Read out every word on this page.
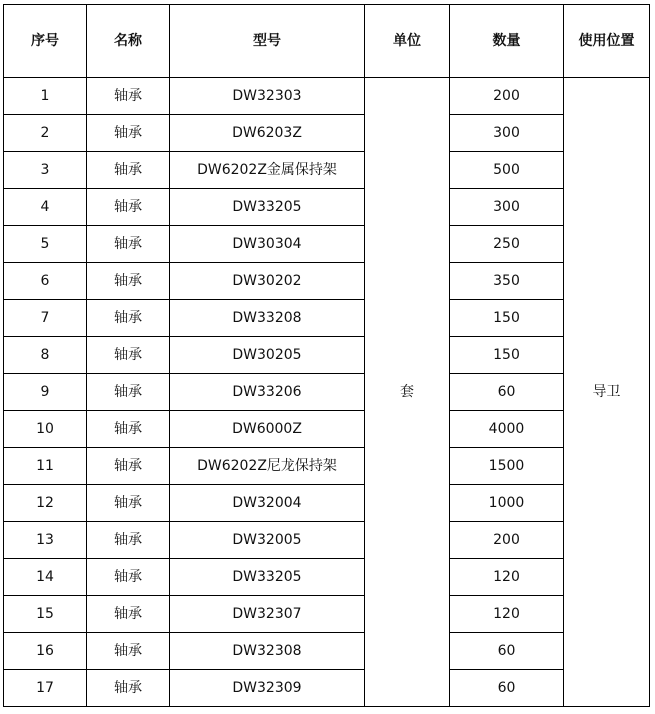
序号	名称	型号	单位	数量	使用位置
1	轴承	DW32303	套	200	导卫
2	轴承	DW6203Z		300	
3	轴承	DW6202Z金属保持架		500	
4	轴承	DW33205		300	
5	轴承	DW30304		250	
6	轴承	DW30202		350	
7	轴承	DW33208		150	
8	轴承	DW30205		150	
9	轴承	DW33206		60	
10	轴承	DW6000Z		4000	
11	轴承	DW6202Z尼龙保持架		1500	
12	轴承	DW32004		1000	
13	轴承	DW32005		200	
14	轴承	DW33205		120	
15	轴承	DW32307		120	
16	轴承	DW32308		60	
17	轴承	DW32309		60	
